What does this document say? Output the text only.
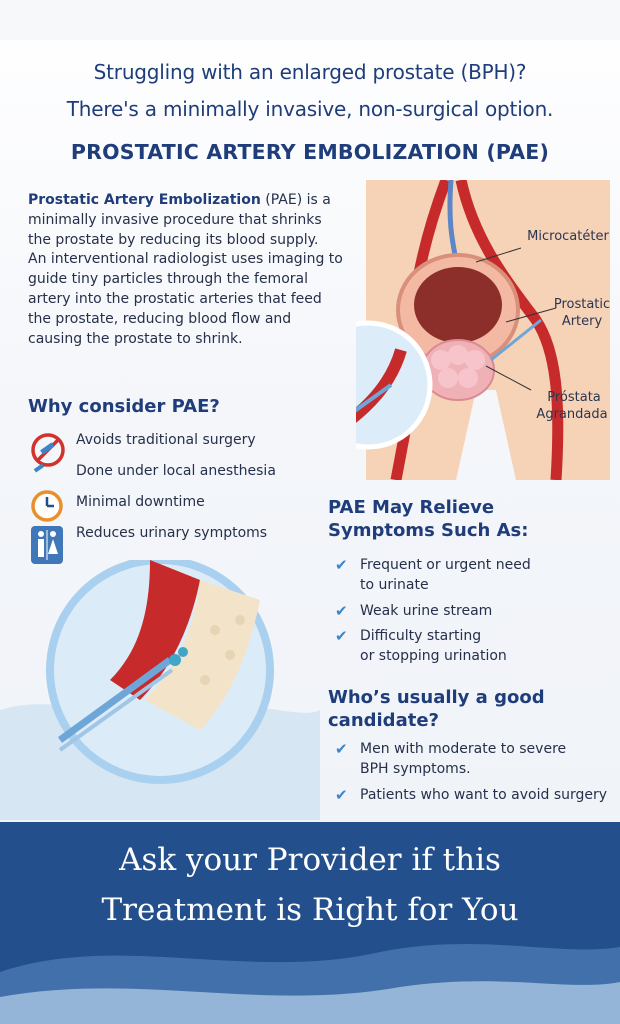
Struggling with an enlarged prostate (BPH)?
There's a minimally invasive, non-surgical option.
PROSTATIC ARTERY EMBOLIZATION (PAE)

Prostatic Artery Embolization (PAE) is a minimally invasive procedure that shrinks the prostate by reducing its blood supply.

An interventional radiologist uses imaging to guide tiny particles through the femoral artery into the prostatic arteries that feed the prostate, reducing blood flow and causing the prostate to shrink.

Microcatéter
Prostatic
Artery
Próstata
Agrandada
Why consider PAE?
Avoids traditional surgery
Done under local anesthesia
Minimal downtime
Reduces urinary symptoms
PAE May Relieve
Symptoms Such As:
✔ Frequent or urgent need
to urinate
✔ Weak urine stream
✔ Difficulty starting
or stopping urination
Who’s usually a good
candidate?
✔ Men with moderate to severe
BPH symptoms.
✔ Patients who want to avoid surgery
Ask your Provider if this
Treatment is Right for You
